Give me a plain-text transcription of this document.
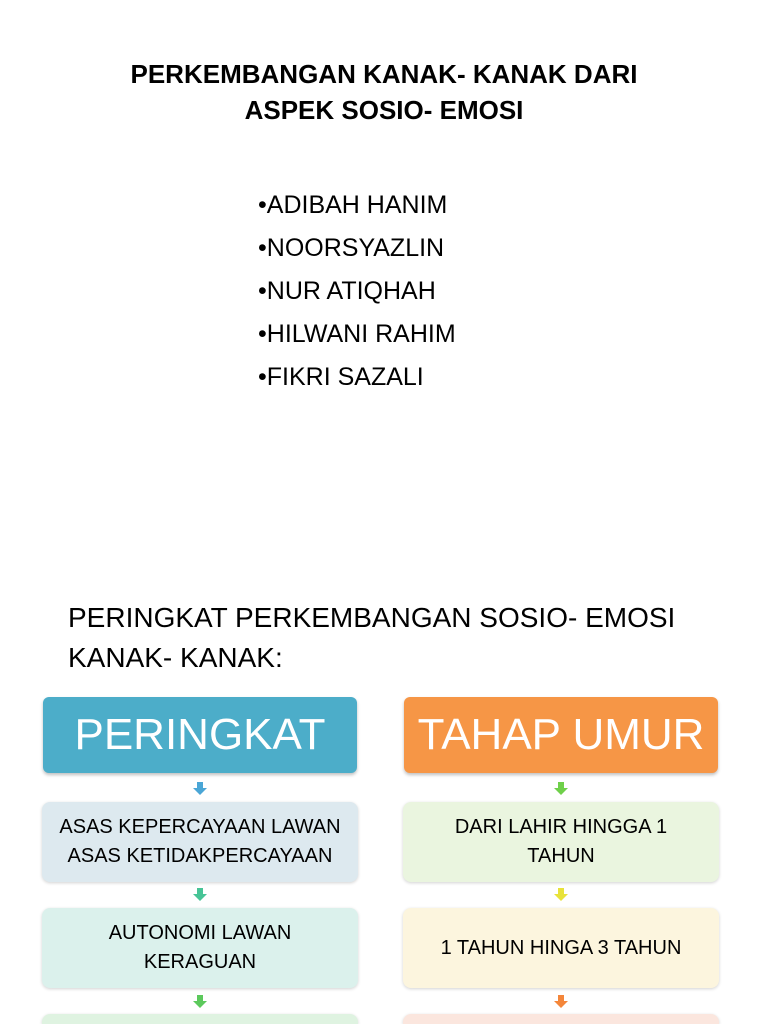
PERKEMBANGAN KANAK- KANAK DARI
ASPEK SOSIO- EMOSI
• ADIBAH HANIM
• NOORSYAZLIN
• NUR ATIQHAH
• HILWANI RAHIM
• FIKRI SAZALI
PERINGKAT PERKEMBANGAN SOSIO- EMOSI
KANAK- KANAK:
PERINGKAT	TAHAP UMUR
ASAS KEPERCAYAAN LAWAN
ASAS KETIDAKPERCAYAAN
AUTONOMI LAWAN
KERAGUAN
DARI LAHIR HINGGA 1
TAHUN
1 TAHUN HINGA 3 TAHUN
